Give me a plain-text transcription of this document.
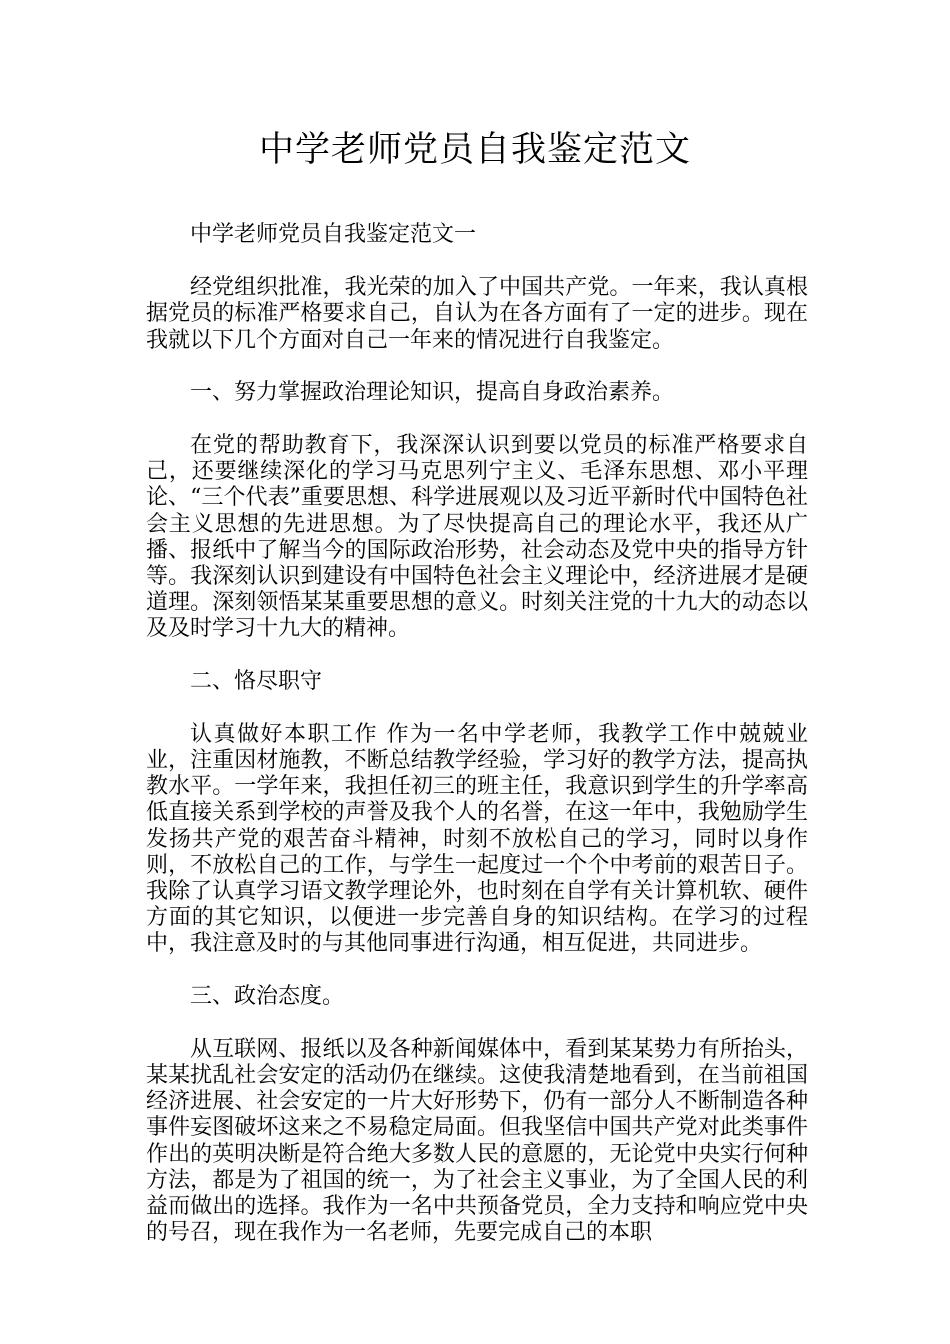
中学老师党员自我鉴定范文

中学老师党员自我鉴定范文一

经党组织批准，我光荣的加入了中国共产党。一年来，我认真根据党员的标准严格要求自己，自认为在各方面有了一定的进步。现在我就以下几个方面对自己一年来的情况进行自我鉴定。

一、努力掌握政治理论知识，提高自身政治素养。

在党的帮助教育下，我深深认识到要以党员的标准严格要求自己，还要继续深化的学习马克思列宁主义、毛泽东思想、邓小平理论、“三个代表”重要思想、科学进展观以及习近平新时代中国特色社会主义思想的先进思想。为了尽快提高自己的理论水平，我还从广播、报纸中了解当今的国际政治形势，社会动态及党中央的指导方针等。我深刻认识到建设有中国特色社会主义理论中，经济进展才是硬道理。深刻领悟某某重要思想的意义。时刻关注党的十九大的动态以及及时学习十九大的精神。

二、恪尽职守

认真做好本职工作 作为一名中学老师，我教学工作中兢兢业业，注重因材施教，不断总结教学经验，学习好的教学方法，提高执教水平。一学年来，我担任初三的班主任，我意识到学生的升学率高低直接关系到学校的声誉及我个人的名誉，在这一年中，我勉励学生发扬共产党的艰苦奋斗精神，时刻不放松自己的学习，同时以身作则，不放松自己的工作，与学生一起度过一个个中考前的艰苦日子。我除了认真学习语文教学理论外，也时刻在自学有关计算机软、硬件方面的其它知识，以便进一步完善自身的知识结构。在学习的过程中，我注意及时的与其他同事进行沟通，相互促进，共同进步。

三、政治态度。

从互联网、报纸以及各种新闻媒体中，看到某某势力有所抬头，某某扰乱社会安定的活动仍在继续。这使我清楚地看到，在当前祖国经济进展、社会安定的一片大好形势下，仍有一部分人不断制造各种事件妄图破坏这来之不易稳定局面。但我坚信中国共产党对此类事件作出的英明决断是符合绝大多数人民的意愿的，无论党中央实行何种方法，都是为了祖国的统一，为了社会主义事业，为了全国人民的利益而做出的选择。我作为一名中共预备党员，全力支持和响应党中央的号召，现在我作为一名老师，先要完成自己的本职
